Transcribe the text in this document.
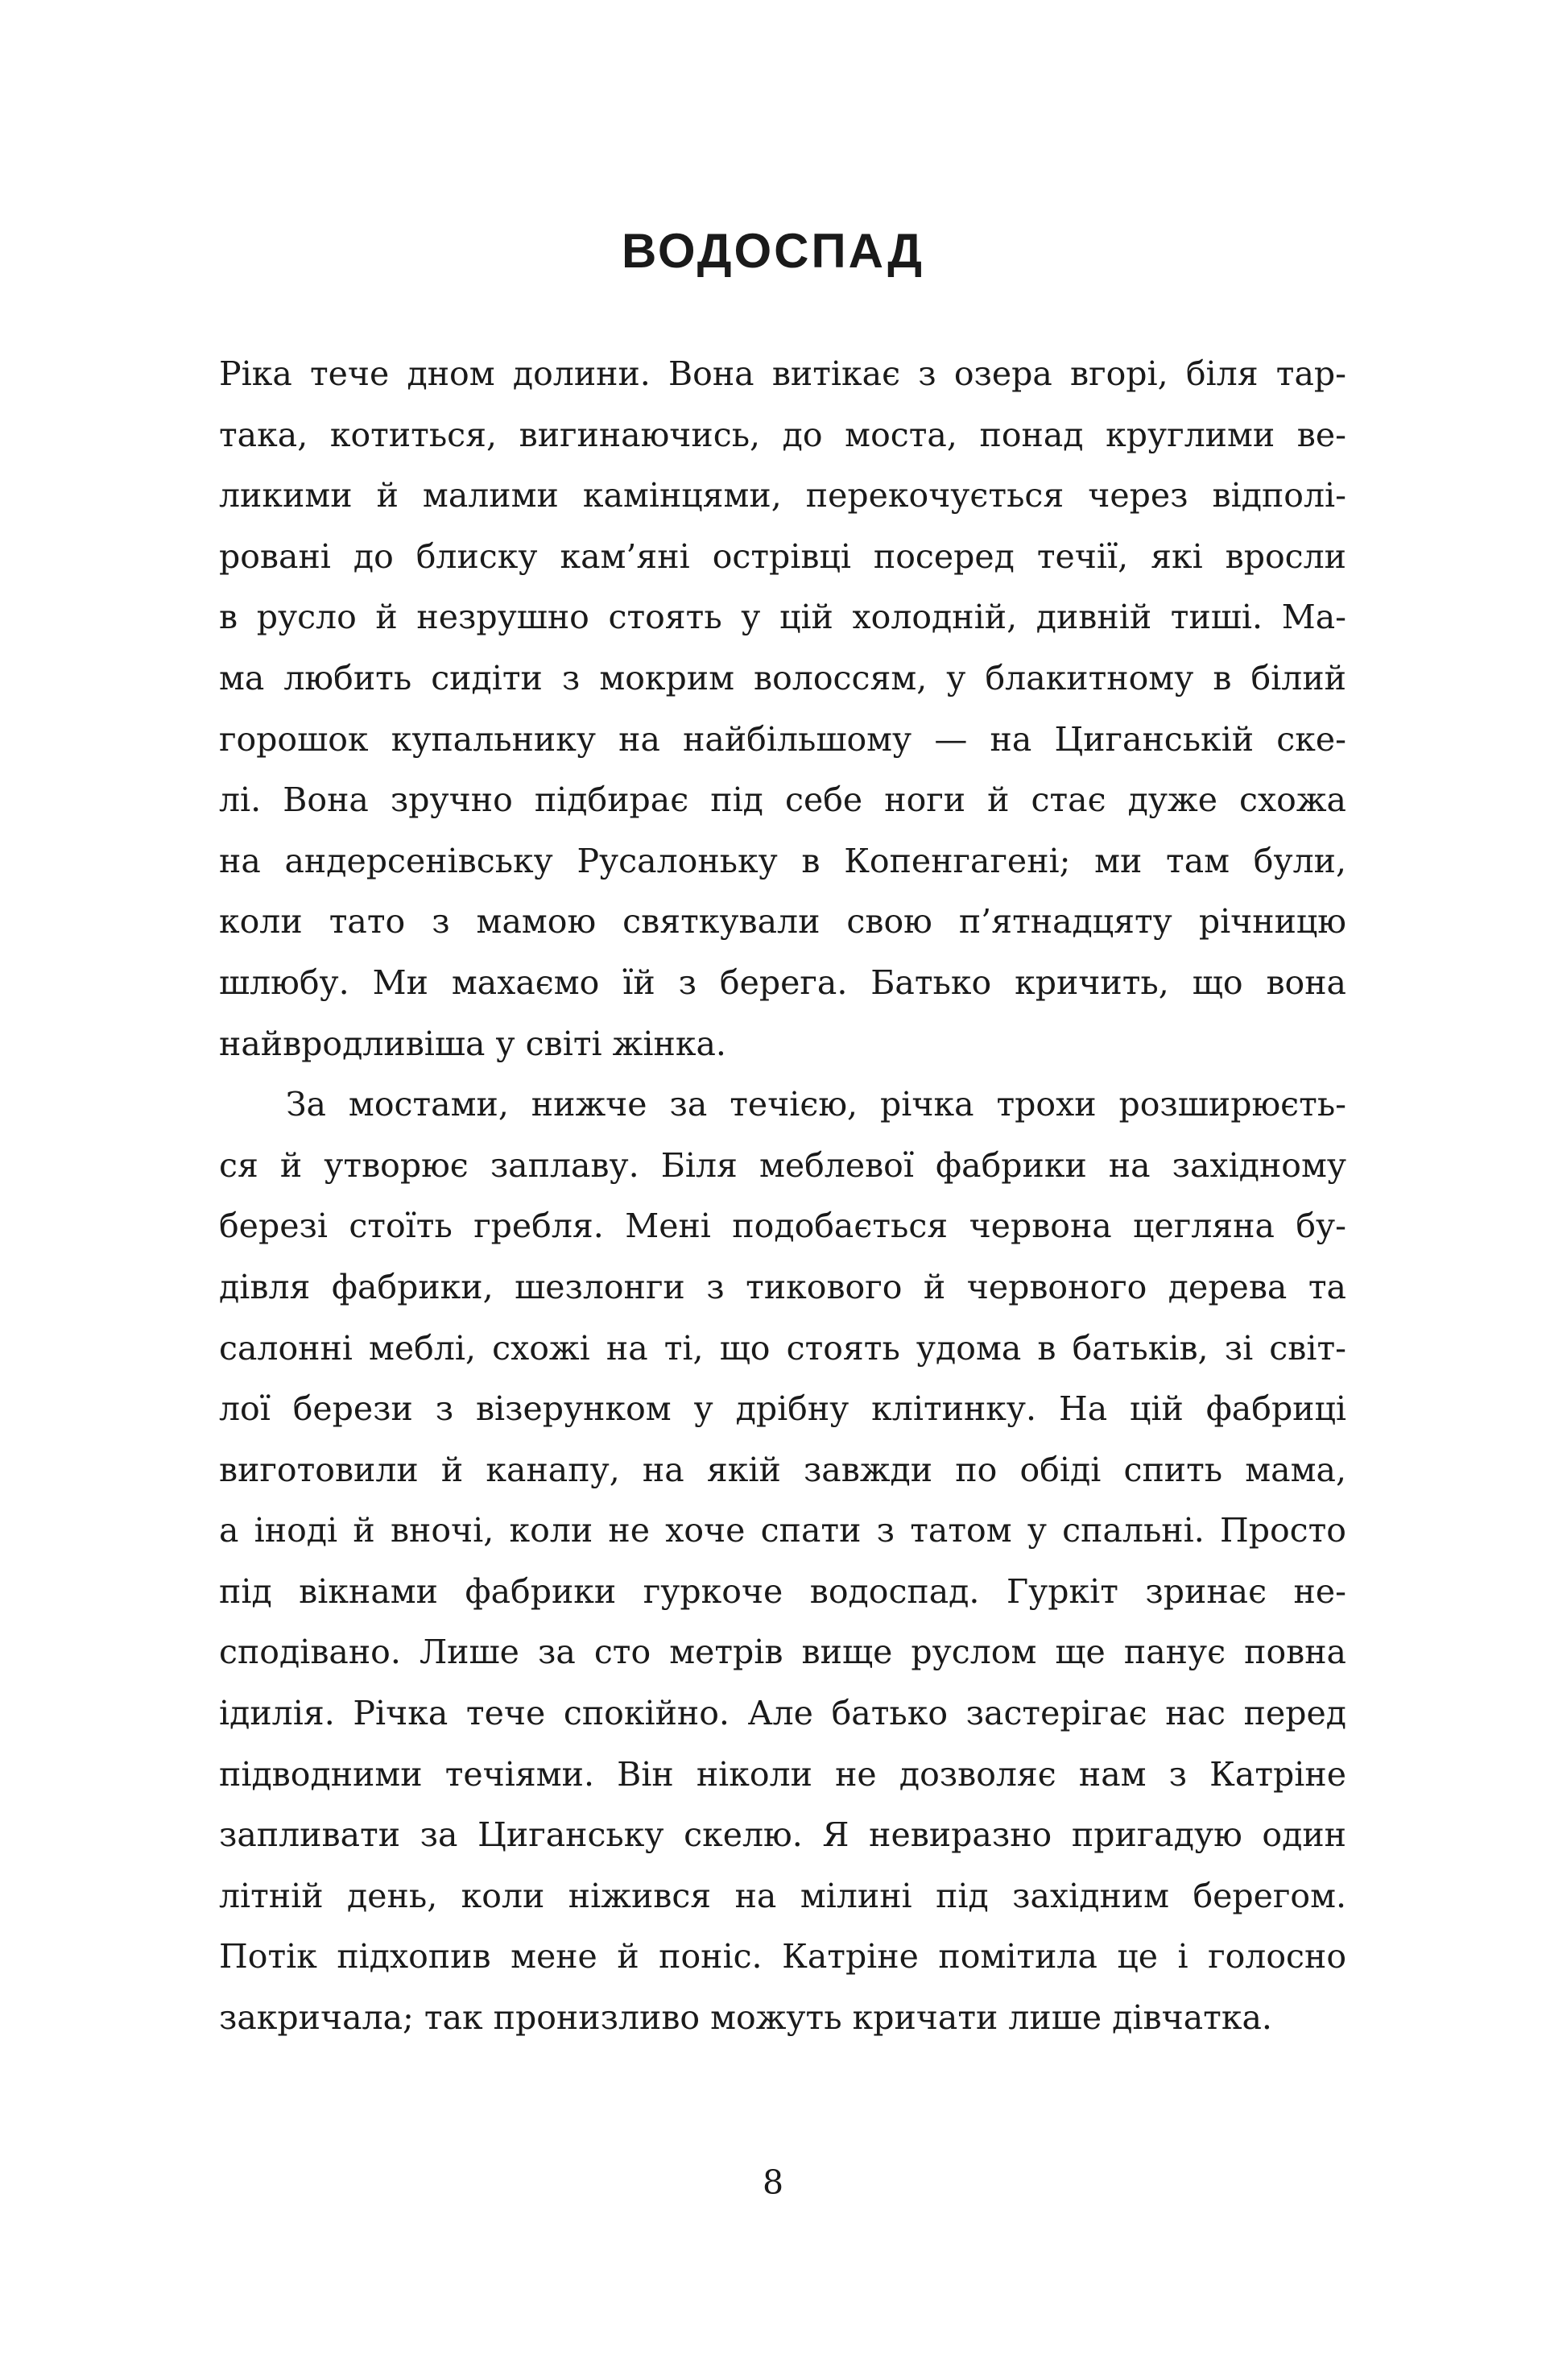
ВОДОСПАД

Ріка тече дном долини. Вона витікає з озера вгорі, біля тар-
така, котиться, вигинаючись, до моста, понад круглими ве-
ликими й малими камінцями, перекочується через відполі-
ровані до блиску кам’яні острівці посеред течії, які вросли
в русло й незрушно стоять у цій холодній, дивній тиші. Ма-
ма любить сидіти з мокрим волоссям, у блакитному в білий
горошок купальнику на найбільшому — на Циганській ске-
лі. Вона зручно підбирає під себе ноги й стає дуже схожа
на андерсенівську Русалоньку в Копенгагені; ми там були,
коли тато з мамою святкували свою п’ятнадцяту річницю
шлюбу. Ми махаємо їй з берега. Батько кричить, що вона
найвродливіша у світі жінка.

За мостами, нижче за течією, річка трохи розширюєть-
ся й утворює заплаву. Біля меблевої фабрики на західному
березі стоїть гребля. Мені подобається червона цегляна бу-
дівля фабрики, шезлонги з тикового й червоного дерева та
салонні меблі, схожі на ті, що стоять удома в батьків, зі світ-
лої берези з візерунком у дрібну клітинку. На цій фабриці
виготовили й канапу, на якій завжди по обіді спить мама,
а іноді й вночі, коли не хоче спати з татом у спальні. Просто
під вікнами фабрики гуркоче водоспад. Гуркіт зринає не-
сподівано. Лише за сто метрів вище руслом ще панує повна
ідилія. Річка тече спокійно. Але батько застерігає нас перед
підводними течіями. Він ніколи не дозволяє нам з Катріне
запливати за Циганську скелю. Я невиразно пригадую один
літній день, коли ніжився на мілині під західним берегом.
Потік підхопив мене й поніс. Катріне помітила це і голосно
закричала; так пронизливо можуть кричати лише дівчатка.

8
